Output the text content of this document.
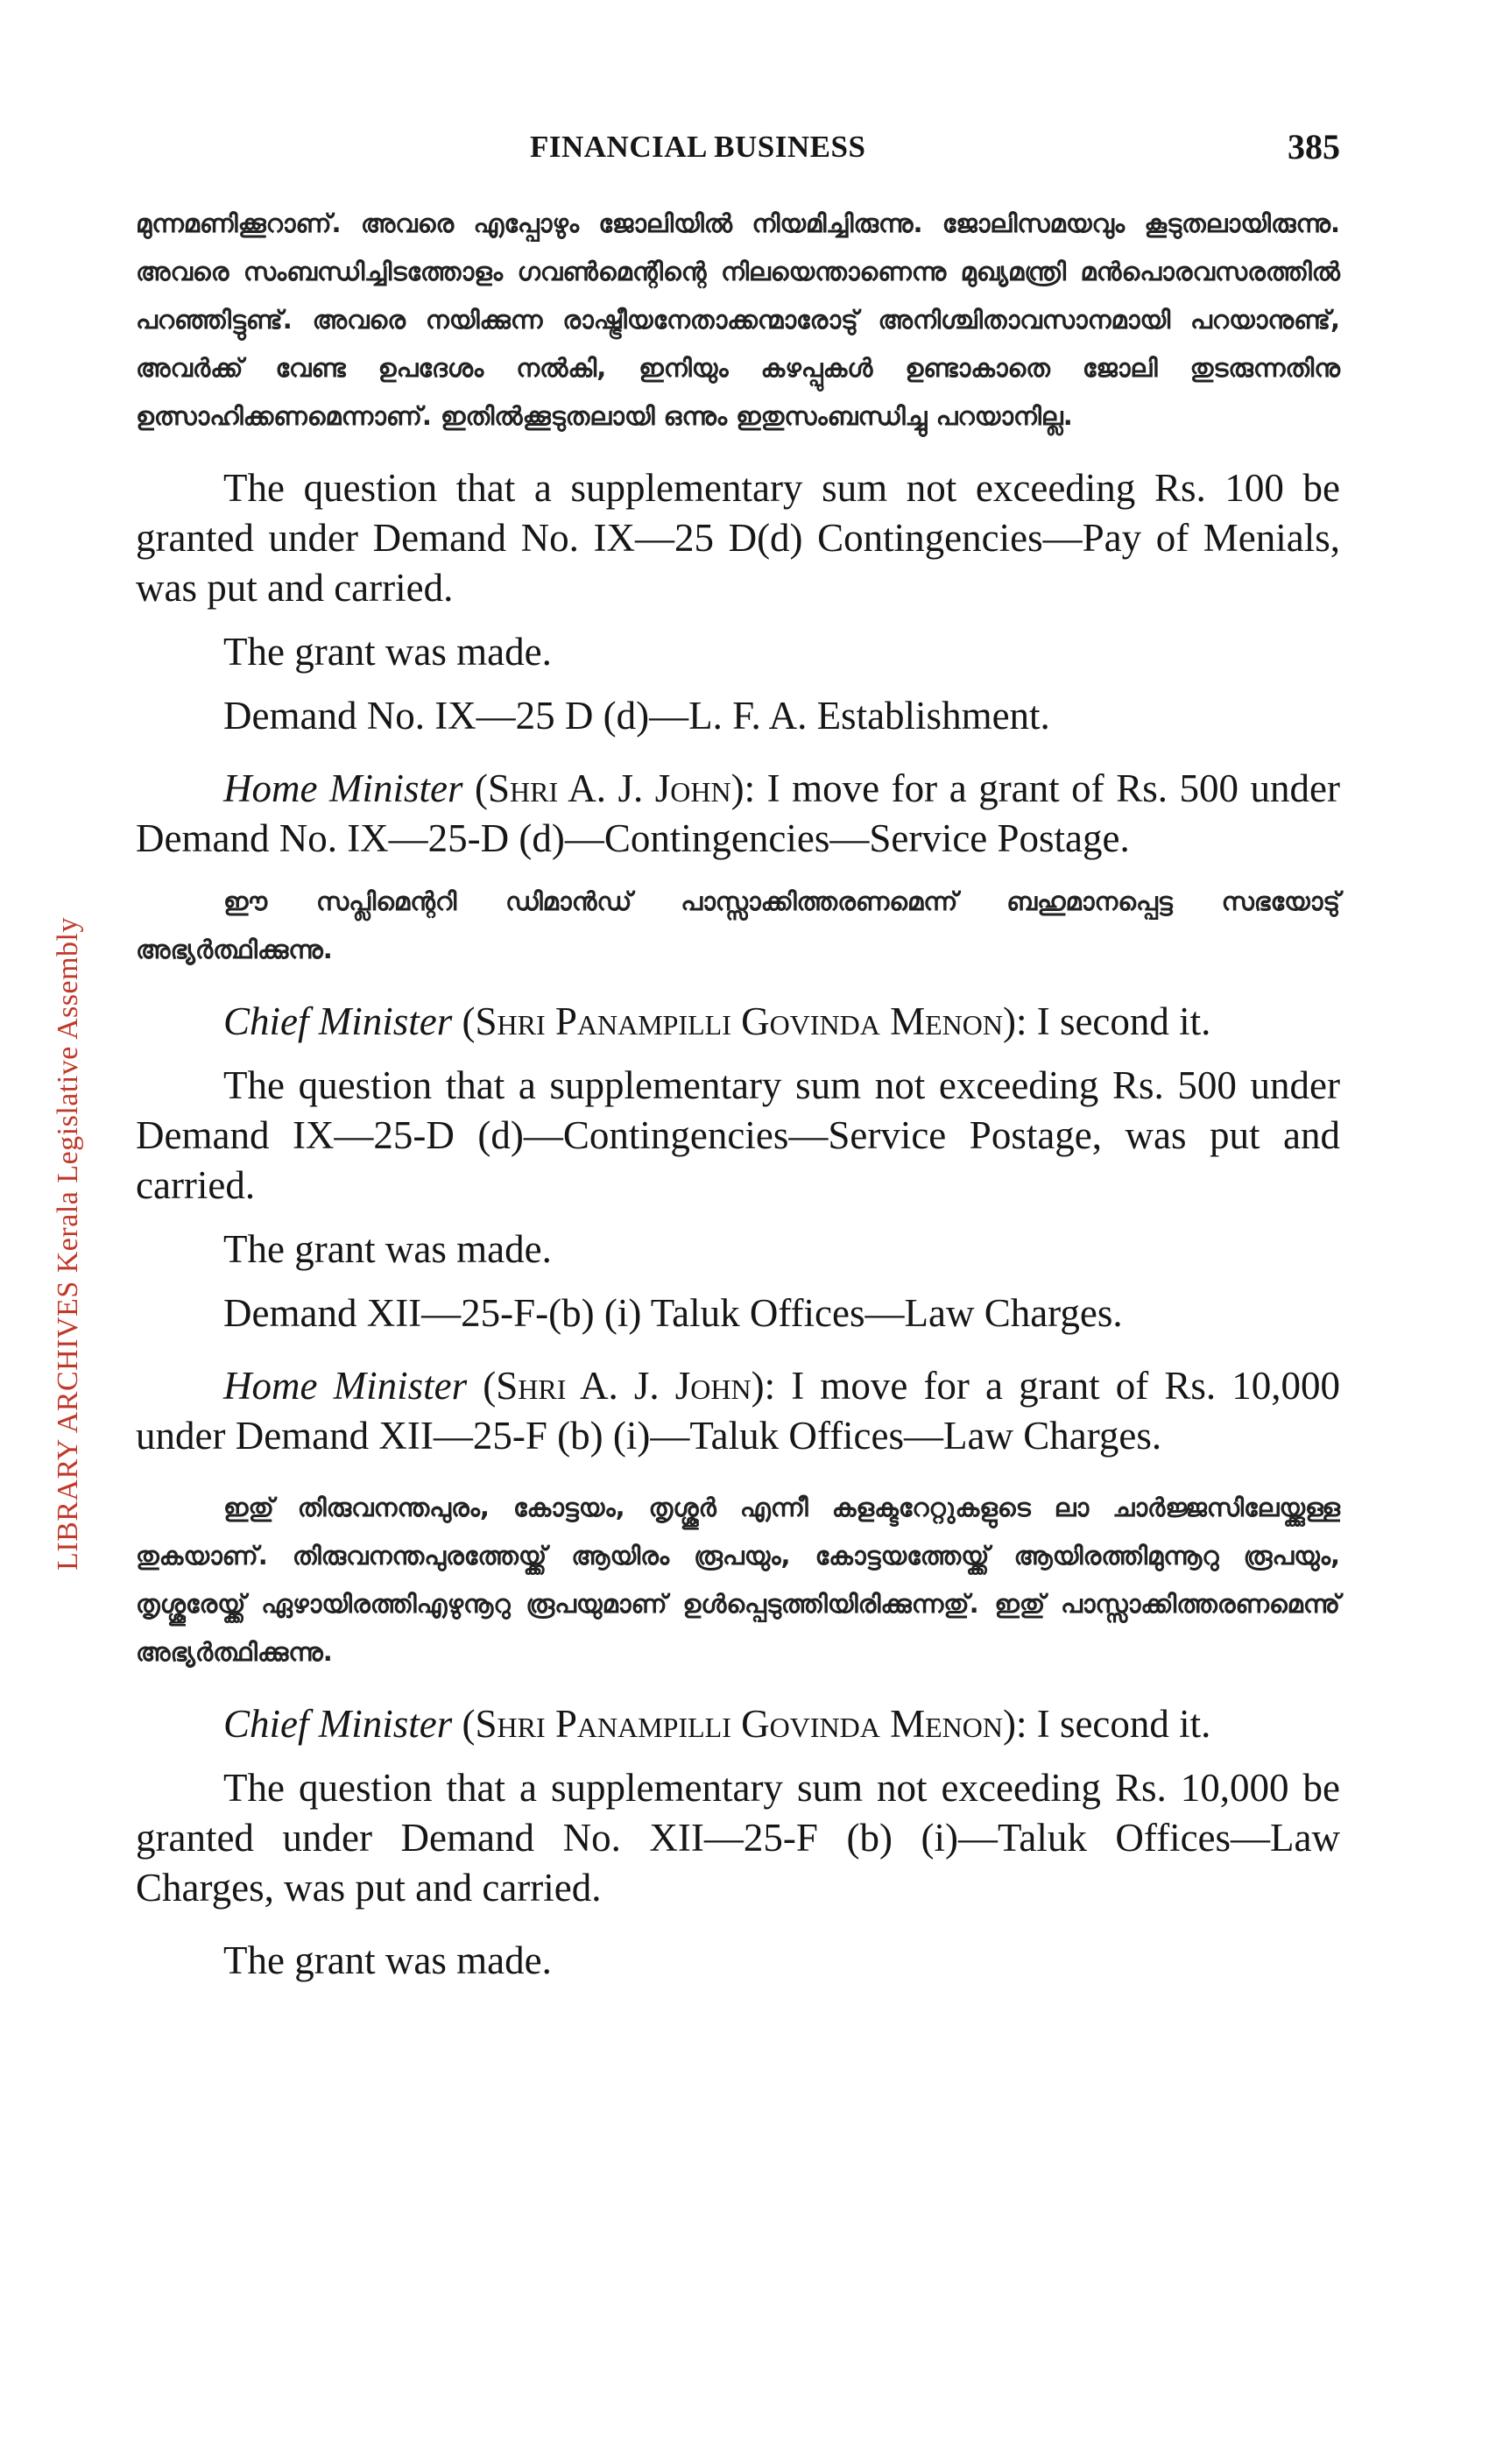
LIBRARY ARCHIVES Kerala Legislative Assembly
FINANCIAL BUSINESS	385

മുന്നമണിക്കൂറാണ്. അവരെ എപ്പോഴും ജോലിയിൽ നിയമിച്ചിരുന്നു. ജോലിസമയവും കൂടുതലായിരുന്നു. അവരെ സംബന്ധിച്ചിടത്തോളം ഗവൺമെന്റിന്റെ നിലയെന്താണെന്നു മുഖ്യമന്ത്രി മൻപൊരവസരത്തിൽ പറഞ്ഞിട്ടുണ്ട്. അവരെ നയിക്കുന്ന രാഷ്ട്രീയനേതാക്കന്മാരോടു് അനിശ്ചിതാവസാനമായി പറയാനുണ്ട്, അവർക്ക് വേണ്ട ഉപദേശം നൽകി, ഇനിയും കഴപ്പുകൾ ഉണ്ടാകാതെ ജോലി തുടരുന്നതിനു ഉത്സാഹിക്കണമെന്നാണ്. ഇതിൽക്കൂടുതലായി ഒന്നും ഇതുസംബന്ധിച്ചു പറയാനില്ല.

The question that a supplementary sum not exceeding Rs. 100 be granted under Demand No. IX—25 D(d) Contingencies—Pay of Menials, was put and carried.

The grant was made.

Demand No. IX—25 D (d)—L. F. A. Establishment.

Home Minister (Shri A. J. John): I move for a grant of Rs. 500 under Demand No. IX—25-D (d)—Contingencies—Service Postage.

ഈ സപ്ലിമെന്ററി ഡിമാൻഡ് പാസ്സാക്കിത്തരണമെന്ന് ബഹുമാനപ്പെട്ട സഭയോടു് അഭ്യർത്ഥിക്കുന്നു.

Chief Minister (Shri Panampilli Govinda Menon): I second it.

The question that a supplementary sum not exceeding Rs. 500 under Demand IX—25-D (d)—Contingencies—Service Postage, was put and carried.

The grant was made.

Demand XII—25-F-(b) (i) Taluk Offices—Law Charges.

Home Minister (Shri A. J. John): I move for a grant of Rs. 10,000 under Demand XII—25-F (b) (i)—Taluk Offices—Law Charges.

ഇതു് തിരുവനന്തപുരം, കോട്ടയം, തൃശ്ശൂർ എന്നീ കളക്ടറേറ്റുകളുടെ ലാ ചാർജ്ജസിലേയ്ക്കുള്ള തുകയാണ്. തിരുവനന്തപുരത്തേയ്ക്ക് ആയിരം രൂപയും, കോട്ടയത്തേയ്ക്ക് ആയിരത്തിമുന്നൂറു രൂപയും, തൃശ്ശൂരേയ്ക്ക് ഏഴായിരത്തിഎഴുനൂറു രൂപയുമാണ് ഉൾപ്പെടുത്തിയിരിക്കുന്നതു്. ഇതു് പാസ്സാക്കിത്തരണമെന്നു് അഭ്യർത്ഥിക്കുന്നു.

Chief Minister (Shri Panampilli Govinda Menon): I second it.

The question that a supplementary sum not exceeding Rs. 10,000 be granted under Demand No. XII—25-F (b) (i)—Taluk Offices—Law Charges, was put and carried.

The grant was made.
